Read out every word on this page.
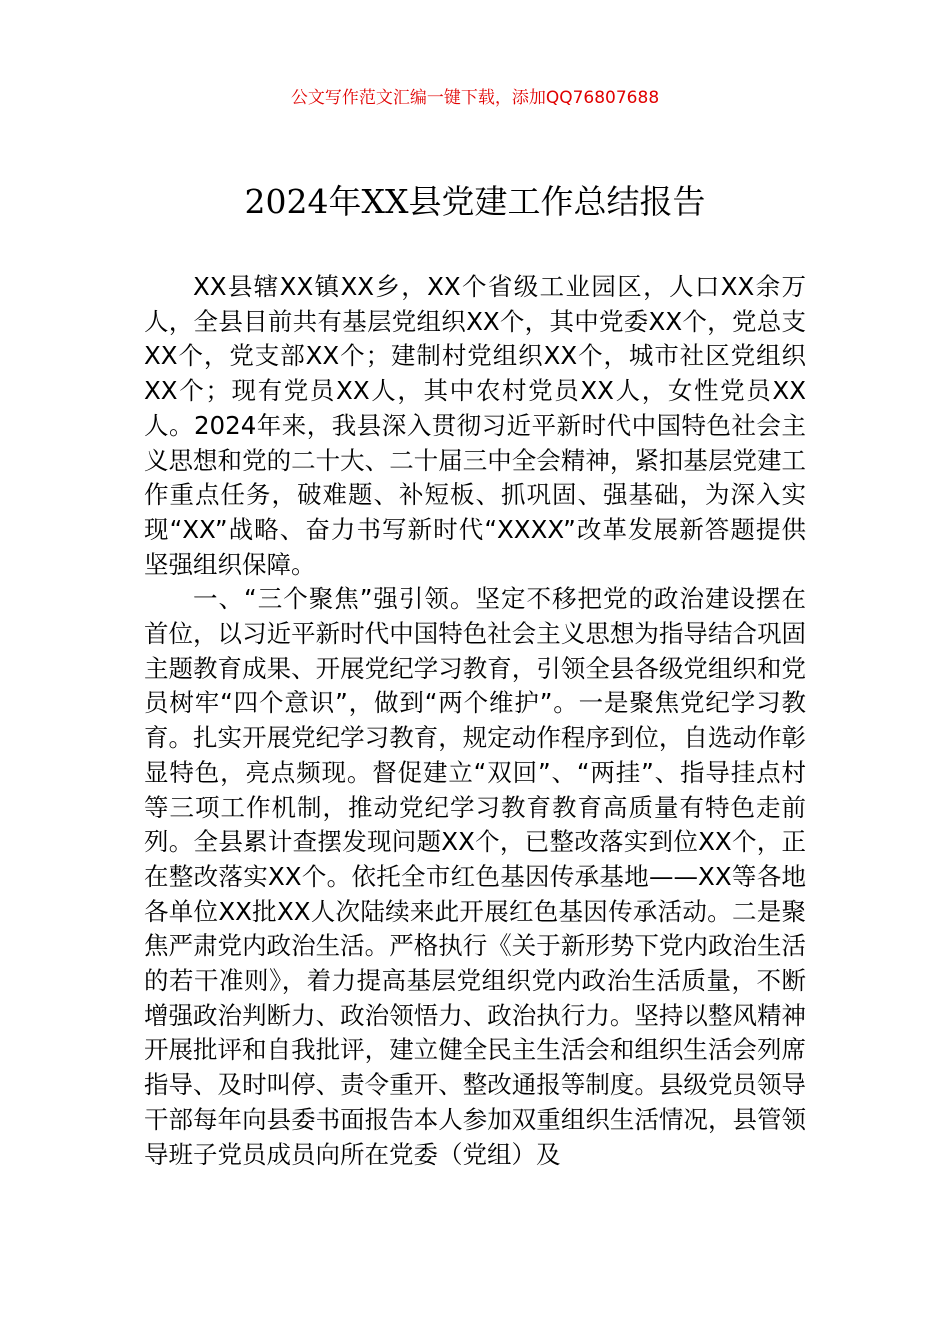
公文写作范文汇编一键下载，添加QQ76807688
2024年XX县党建工作总结报告

XX县辖XX镇XX乡，XX个省级工业园区，人口XX余万人，全县目前共有基层党组织XX个，其中党委XX个，党总支XX个，党支部XX个；建制村党组织XX个，城市社区党组织XX个；现有党员XX人，其中农村党员XX人，女性党员XX人。2024年来，我县深入贯彻习近平新时代中国特色社会主义思想和党的二十大、二十届三中全会精神，紧扣基层党建工作重点任务，破难题、补短板、抓巩固、强基础，为深入实现“XX”战略、奋力书写新时代“XXXX”改革发展新答题提供坚强组织保障。

一、“三个聚焦”强引领。坚定不移把党的政治建设摆在首位，以习近平新时代中国特色社会主义思想为指导结合巩固主题教育成果、开展党纪学习教育，引领全县各级党组织和党员树牢“四个意识”，做到“两个维护”。一是聚焦党纪学习教育。扎实开展党纪学习教育，规定动作程序到位，自选动作彰显特色，亮点频现。督促建立“双回”、“两挂”、指导挂点村等三项工作机制，推动党纪学习教育教育高质量有特色走前列。全县累计查摆发现问题XX个，已整改落实到位XX个，正在整改落实XX个。依托全市红色基因传承基地——XX等各地各单位XX批XX人次陆续来此开展红色基因传承活动。二是聚焦严肃党内政治生活。严格执行《关于新形势下党内政治生活的若干准则》，着力提高基层党组织党内政治生活质量，不断增强政治判断力、政治领悟力、政治执行力。坚持以整风精神开展批评和自我批评，建立健全民主生活会和组织生活会列席指导、及时叫停、责令重开、整改通报等制度。县级党员领导干部每年向县委书面报告本人参加双重组织生活情况，县管领导班子党员成员向所在党委（党组）及
